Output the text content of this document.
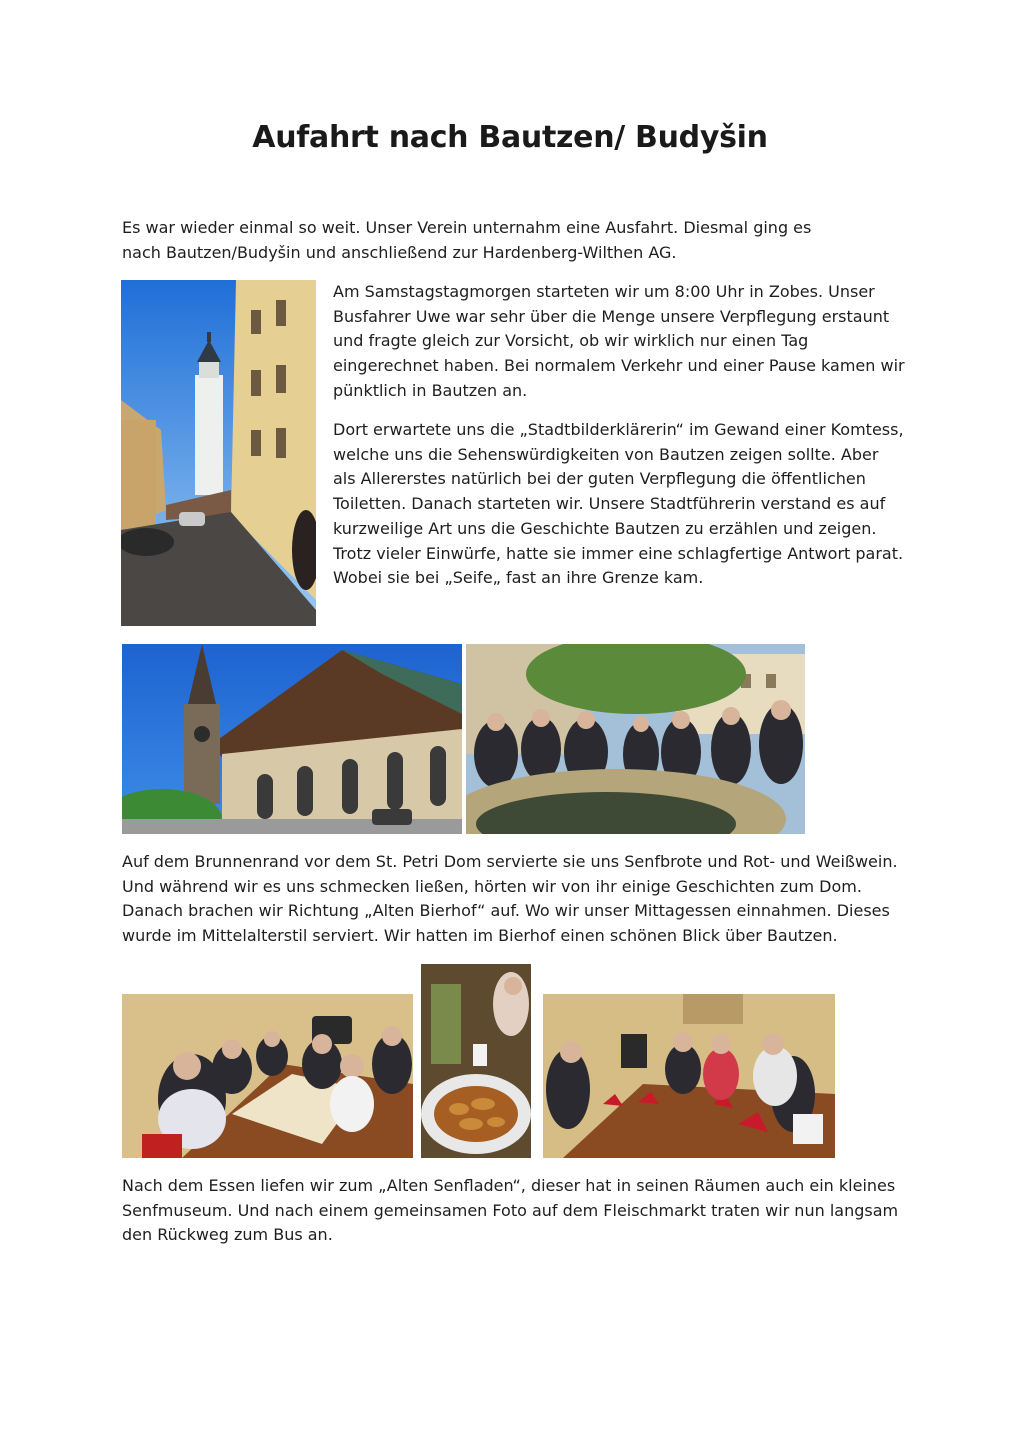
Aufahrt nach Bautzen/ Budyšin

Es war wieder einmal so weit. Unser Verein unternahm eine Ausfahrt. Diesmal ging es nach Bautzen/Budyšin und anschließend zur Hardenberg-Wilthen AG.

Am Samstagstagmorgen starteten wir um 8:00 Uhr in Zobes. Unser Busfahrer Uwe war sehr über die Menge unsere Verpflegung erstaunt und fragte gleich zur Vorsicht, ob wir wirklich nur einen Tag eingerechnet haben. Bei normalem Verkehr und einer Pause kamen wir pünktlich in Bautzen an.

Dort erwartete uns die „Stadtbilderklärerin“ im Gewand einer Komtess, welche uns die Sehenswürdigkeiten von Bautzen zeigen sollte. Aber als Allererstes natürlich bei der guten Verpflegung die öffentlichen Toiletten. Danach starteten wir. Unsere Stadtführerin verstand es auf kurzweilige Art uns die Geschichte Bautzen zu erzählen und zeigen. Trotz vieler Einwürfe, hatte sie immer eine schlagfertige Antwort parat. Wobei sie bei „Seife„ fast an ihre Grenze kam.

Auf dem Brunnenrand vor dem St. Petri Dom servierte sie uns Senfbrote und Rot- und Weißwein. Und während wir es uns schmecken ließen, hörten wir von ihr einige Geschichten zum Dom. Danach brachen wir Richtung „Alten Bierhof“ auf. Wo wir unser Mittagessen einnahmen. Dieses wurde im Mittelalterstil serviert. Wir hatten im Bierhof einen schönen Blick über Bautzen.

Nach dem Essen liefen wir zum „Alten Senfladen“, dieser hat in seinen Räumen auch ein kleines Senfmuseum. Und nach einem gemeinsamen Foto auf dem Fleischmarkt traten wir nun langsam den Rückweg zum Bus an.
